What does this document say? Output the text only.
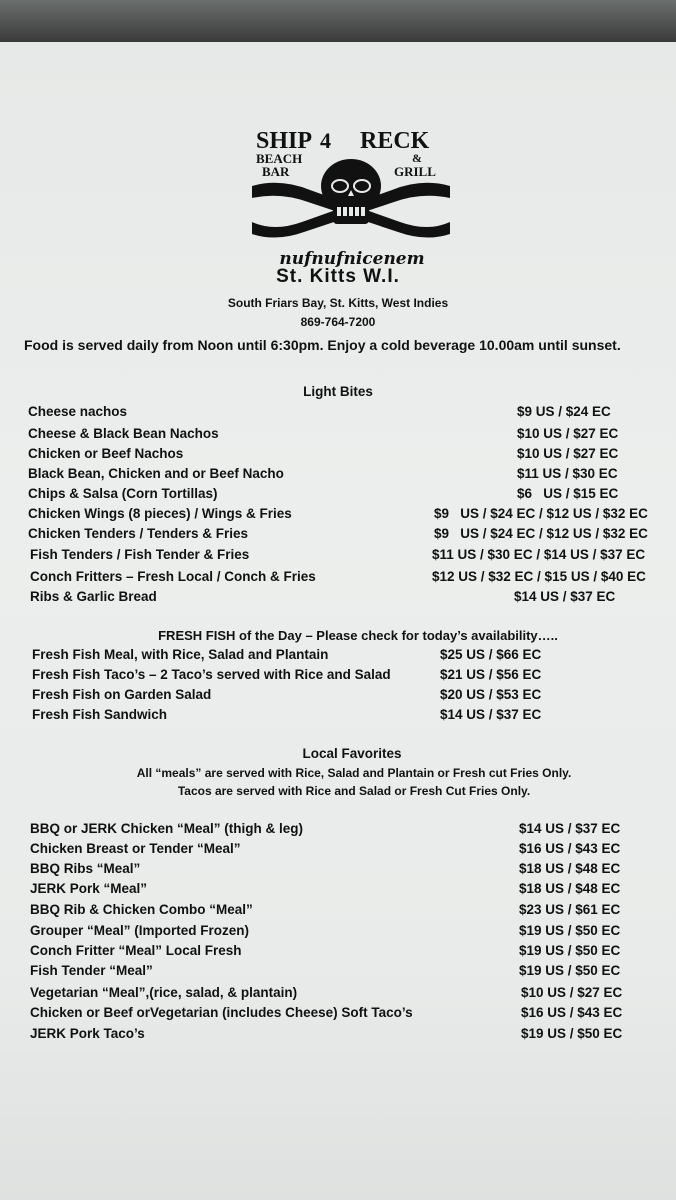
SHIP 4 RECK
BEACH
BAR
&
GRILL
nufnufnicenem
St. Kitts W.I.
South Friars Bay, St. Kitts, West Indies
869-764-7200
Food is served daily from Noon until 6:30pm. Enjoy a cold beverage 10.00am until sunset.
Light Bites
Cheese nachos	$9 US / $24 EC
Cheese & Black Bean Nachos	$10 US / $27 EC
Chicken or Beef Nachos	$10 US / $27 EC
Black Bean, Chicken and or Beef Nacho	$11 US / $30 EC
Chips & Salsa (Corn Tortillas)	$6   US / $15 EC
Chicken Wings (8 pieces) / Wings & Fries	$9   US / $24 EC / $12 US / $32 EC
Chicken Tenders / Tenders & Fries	$9   US / $24 EC / $12 US / $32 EC
Fish Tenders / Fish Tender & Fries	$11 US / $30 EC / $14 US / $37 EC
Conch Fritters – Fresh Local / Conch & Fries	$12 US / $32 EC / $15 US / $40 EC
Ribs & Garlic Bread	$14 US / $37 EC
FRESH FISH of the Day – Please check for today’s availability…..
Fresh Fish Meal, with Rice, Salad and Plantain	$25 US / $66 EC
Fresh Fish Taco’s – 2 Taco’s served with Rice and Salad	$21 US / $56 EC
Fresh Fish on Garden Salad	$20 US / $53 EC
Fresh Fish Sandwich	$14 US / $37 EC
Local Favorites
All “meals” are served with Rice, Salad and Plantain or Fresh cut Fries Only.
Tacos are served with Rice and Salad or Fresh Cut Fries Only.
BBQ or JERK Chicken “Meal” (thigh & leg)	$14 US / $37 EC
Chicken Breast or Tender “Meal”	$16 US / $43 EC
BBQ Ribs “Meal”	$18 US / $48 EC
JERK Pork “Meal”	$18 US / $48 EC
BBQ Rib & Chicken Combo “Meal”	$23 US / $61 EC
Grouper “Meal” (Imported Frozen)	$19 US / $50 EC
Conch Fritter “Meal” Local Fresh	$19 US / $50 EC
Fish Tender “Meal”	$19 US / $50 EC
Vegetarian “Meal”,(rice, salad, & plantain)	$10 US / $27 EC
Chicken or Beef orVegetarian (includes Cheese) Soft Taco’s	$16 US / $43 EC
JERK Pork Taco’s	$19 US / $50 EC
